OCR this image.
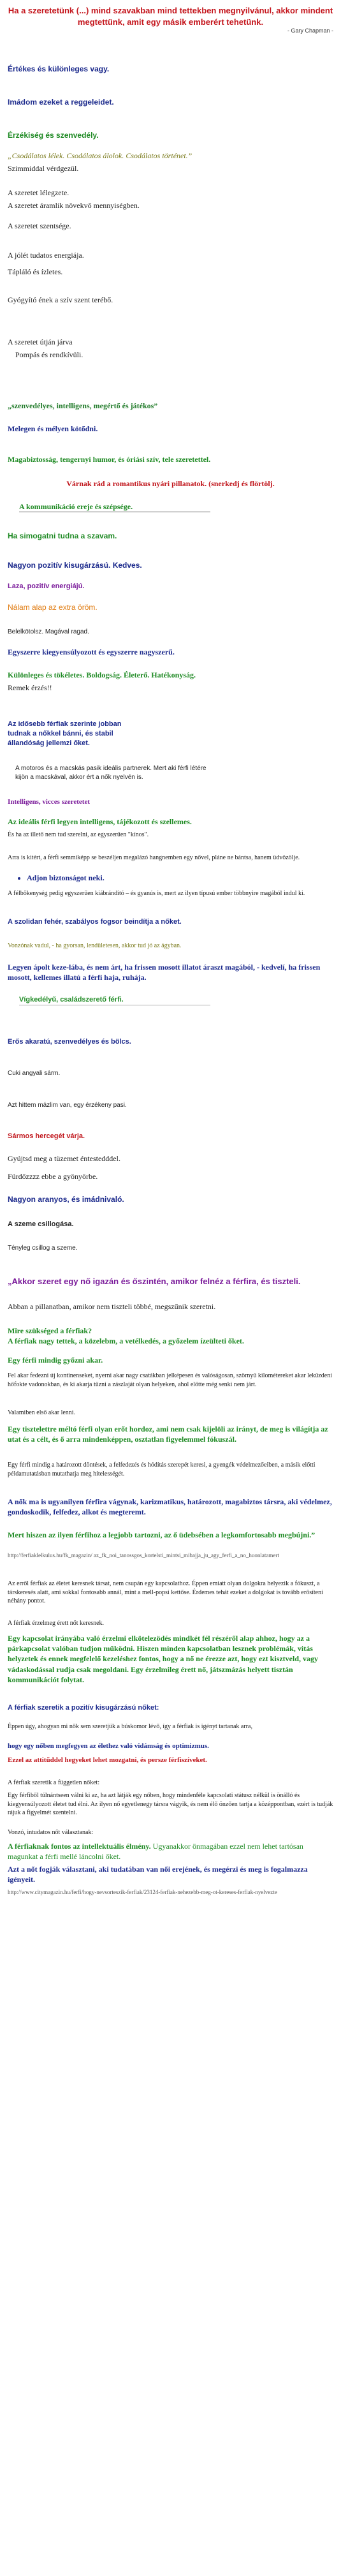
Ha a szeretetünk (...) mind szavakban mind tettekben megnyilvánul, akkor mindent megtettünk, amit egy másik emberért tehetünk.
- Gary Chapman -
Értékes és különleges vagy.
Imádom ezeket a reggeleidet.
Érzékiség és szenvedély.
„Csodálatos lélek. Csodálatos álolok. Csodálatos történet.”
Szimmiddal vérdgezül.
A szeretet lélegzete.
A szeretet áramlik növekvő mennyiségben.
A szeretet szentsége.
A jólét tudatos energiája.
Tápláló és ízletes.
Gyógyító ének a szív szent terébő.
A szeretet útján járva
Pompás és rendkívüli.
„szenvedélyes, intelligens, megértő és játékos”
Melegen és mélyen kötődni.
Magabiztosság, tengernyi humor, és óriási szív, tele szeretettel.
Várnak rád a romantikus nyári pillanatok. (snerkedj és flörtölj.
A kommunikáció ereje és szépsége.
Ha simogatni tudna a szavam.
Nagyon pozitív kisugárzású. Kedves.
Laza, pozitív energiájú.
Nálam alap az extra öröm.
Belelkötolsz. Magával ragad.
Egyszerre kiegyensúlyozott és egyszerre nagyszerű.
Különleges és tökéletes. Boldogság. Életerő. Hatékonyság.
Remek érzés!!
Az idősebb férfiak szerinte jobban tudnak a nőkkel bánni, és stabil állandóság jellemzi őket.
A motoros és a macskás pasik ideális partnerek. Mert aki férfi létére kijön a macskával, akkor ért a nők nyelvén is.
Intelligens, vicces szeretetet
Az ideális férfi legyen intelligens, tájékozott és szellemes.
És ha az illető nem tud szerelni, az egyszerűen "kínos".
Arra is kitért, a férfi semmiképp se beszéljen megalázó hangnemben egy nővel, pláne ne bántsa, hanem üdvözölje.
• Adjon biztonságot neki.
A félbőkenység pedig egyszerűen kiábrándító – és gyanús is, mert az ilyen típusú ember többnyire magából indul ki.
A szolidan fehér, szabályos fogsor beindítja a nőket.
Vonzónak vadul, - ha gyorsan, lendületesen, akkor tud jó az ágyban.
Legyen ápolt keze-lába, és nem árt, ha frissen mosott illatot áraszt magából, - kedvelí, ha frissen mosott, kellemes illatú a férfi haja, ruhája.
Vígkedélyű, családszerető férfi.
Erős akaratú, szenvedélyes és bölcs.
Cuki angyali sárm.
Azt hittem mázlim van, egy érzékeny pasi.
Sármos hercegét várja.
Gyújtsd meg a tüzemet éntestedddel.
Fürdőzzzz ebbe a gyönyörbe.
Nagyon aranyos, és imádnivaló.
A szeme csillogása.
Tényleg csillog a szeme.
„Akkor szeret egy nő igazán és őszintén, amikor felnéz a férfira, és tiszteli.
Abban a pillanatban, amikor nem tiszteli többé, megszűnik szeretni.
Mire szükséged a férfiak?
A férfiak nagy tettek, a közelebm, a vetélkedés, a győzelem ízeülteti őket.
Egy férfi mindig győzni akar.
Fel akar fedezni új kontinenseket, nyerni akar nagy csatákban jelképesen és valóságosan, szörnyű kilométereket akar lekűzdeni hőfokte vadonokban, és ki akarja tűzni a zászlaját olyan helyeken, ahol előtte még senki nem járt.
Valamiben első akar lenni.
Egy tisztelettre méltó férfi olyan erőt hordoz, ami nem csak kijelöli az irányt, de meg is világítja az utat és a célt, és ő arra mindenképpen, osztatlan figyelemmel fókuszál.
Egy férfi mindig a határozott döntések, a felfedezés és hódítás szerepét keresi, a gyengék védelmezőeiben, a másik előtti példamutatásban mutathatja meg hitelességét.
A nők ma is ugyanilyen férfira vágynak, karizmatikus, határozott, magabiztos társra, aki védelmez, gondoskodik, felfedez, alkot és megteremt.
Mert hiszen az ilyen férfihoz a legjobb tartozni, az ő üdebsében a legkomfortosabb megbújni.”
http://ferfiaklelkulus.hu/fk_magazin/ az_fk_noi_tanossgos_kortelsti_mintsi_mibajja_ju_agy_ferfi_a_no_huonlatamert
Az erről férfiak az életet keresnek társat, nem csupán egy kapcsolathoz. Éppen emiatt olyan dolgokra helyezik a fókuszt, a társkeresés alatt, ami sokkal fontosabb annál, mint a mell-popsi kettőse. Érdemes tehát ezeket a dolgokat is tovább erősíteni néhány pontot.
A férfiak érzelmeg érett nőt keresnek.
Egy kapcsolat irányába való érzelmi elkötelezödés mindkét fél részéről alap ahhoz, hogy az a párkapcsolat valóban tudjon működni. Hiszen minden kapcsolatban lesznek problémák, vitás helyzetek és ennek megfelelő kezeléshez fontos, hogy a nő ne érezze azt, hogy ezt kisztveld, vagy vádaskodással rudja csak megoldani. Egy érzelmileg érett nő, játszmázás helyett tisztán kommunikációt folytat.
A férfiak szeretik a pozitív kisugárzású nőket:
Éppen úgy, ahogyan mi nők sem szeretjük a búskomor lévő, így a férfiak is igényt tartanak arra,
hogy egy nőben megfegyen az élethez való vidámság és optimizmus.
Ezzel az attitűddel hegyeket lehet mozgatni, és persze férfiszíveket.
A férfiak szeretik a független nőket:
Egy férfiből túlnántseen válni ki az, ha azt látják egy nőben, hogy mindenféle kapcsolati státusz nélkül is önálló és kiegyensúlyozott életet tud élni. Az ilyen nő egyetlenegy társra vágyik, és nem élő önzően tartja a középpontban, ezért is tudják rájuk a figyelmét szentelni.
Vonzó, intudatos nőt választanak:
A férfiaknak fontos az intellektuális élmény. Ugyanakkor önmagában ezzel nem lehet tartósan magunkat a férfi mellé láncolni őket.
Azt a nőt fogják választani, aki tudatában van női erejének, és megérzi és meg is fogalmazza igényeit.
http://www.citymagazin.hu/ferfi/hogy-nevsorteszik-ferfiak/23124-ferfiak-nehezebb-meg-ot-kereses-ferfiak-nyelvezte
